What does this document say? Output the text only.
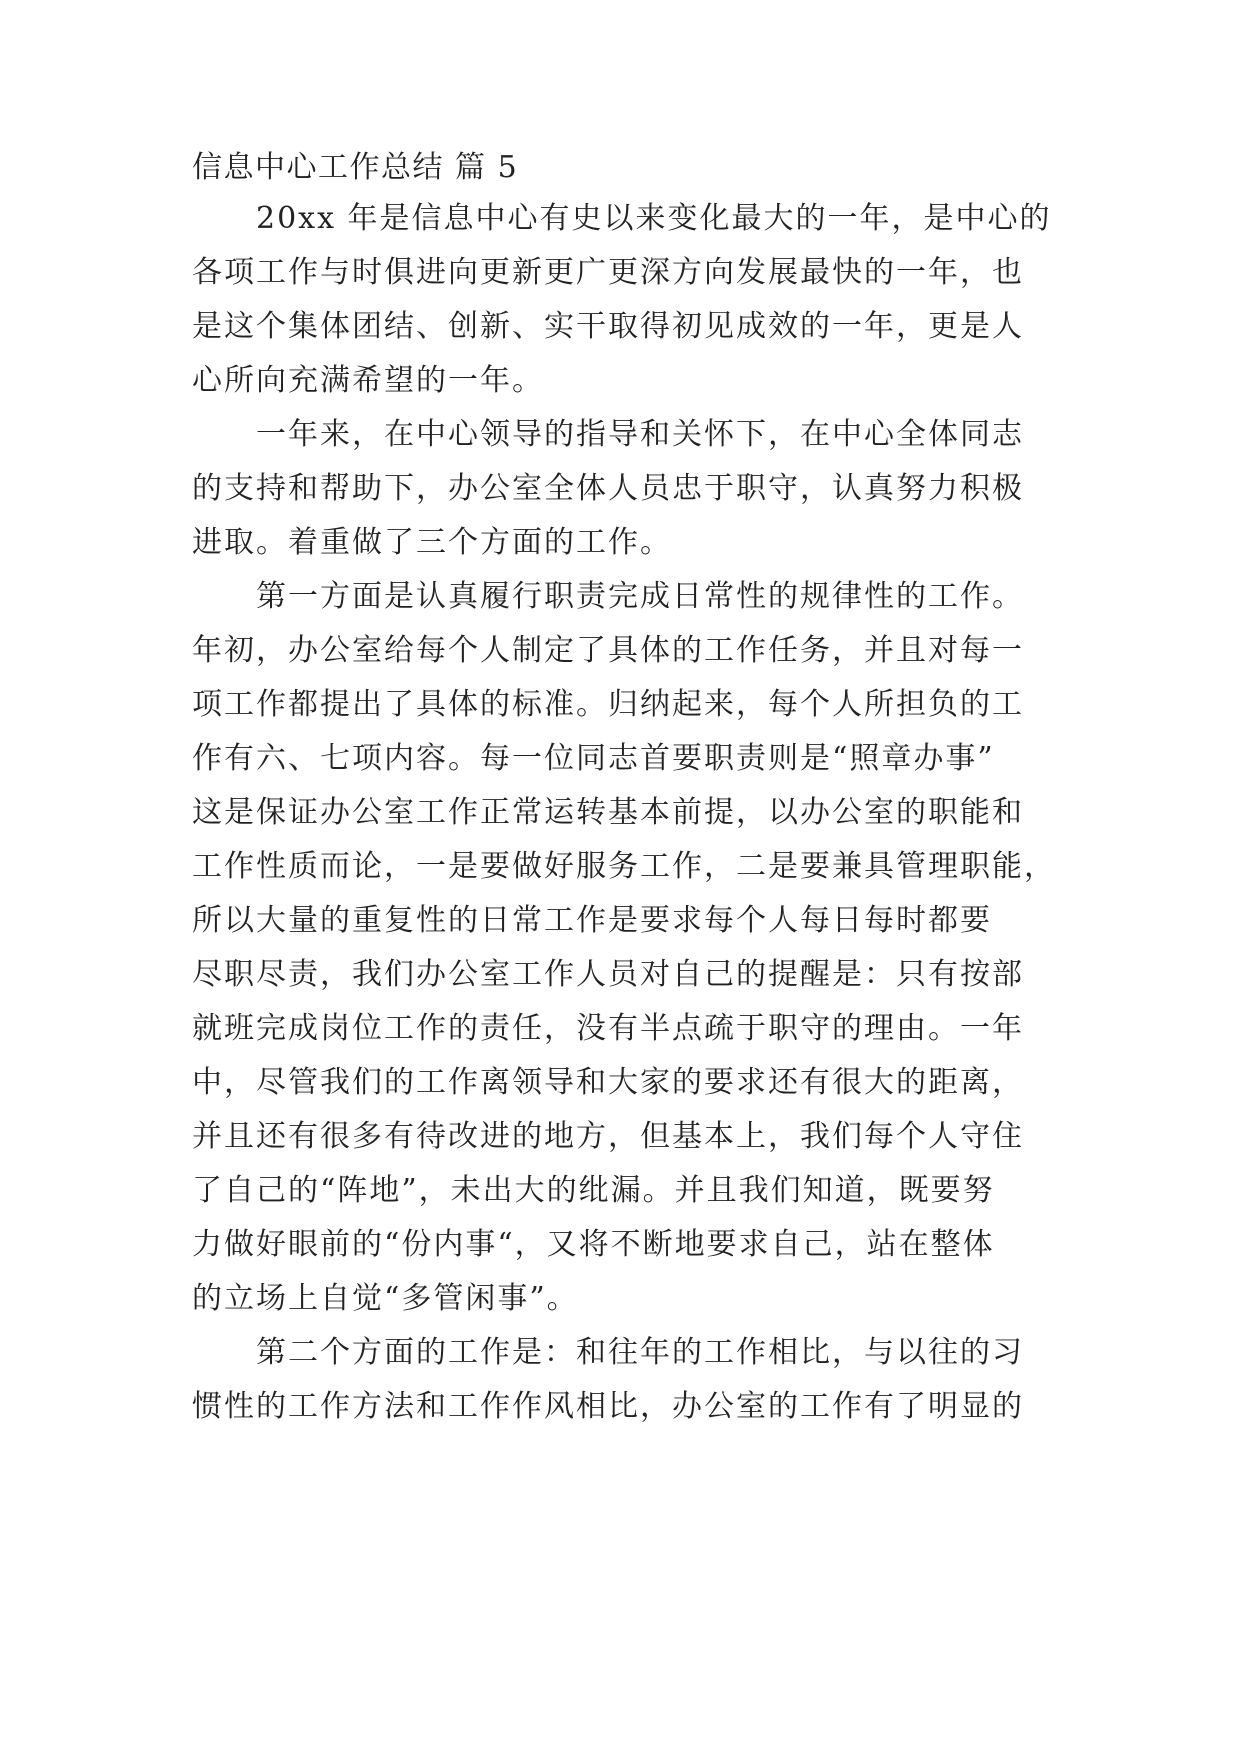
信息中心工作总结 篇 5
　　20xx 年是信息中心有史以来变化最大的一年，是中心的
各项工作与时俱进向更新更广更深方向发展最快的一年，也
是这个集体团结、创新、实干取得初见成效的一年，更是人
心所向充满希望的一年。
　　一年来，在中心领导的指导和关怀下，在中心全体同志
的支持和帮助下，办公室全体人员忠于职守，认真努力积极
进取。着重做了三个方面的工作。
　　第一方面是认真履行职责完成日常性的规律性的工作。
年初，办公室给每个人制定了具体的工作任务，并且对每一
项工作都提出了具体的标准。归纳起来，每个人所担负的工
作有六、七项内容。每一位同志首要职责则是“照章办事”
这是保证办公室工作正常运转基本前提，以办公室的职能和
工作性质而论，一是要做好服务工作，二是要兼具管理职能，
所以大量的重复性的日常工作是要求每个人每日每时都要
尽职尽责，我们办公室工作人员对自己的提醒是：只有按部
就班完成岗位工作的责任，没有半点疏于职守的理由。一年
中，尽管我们的工作离领导和大家的要求还有很大的距离，
并且还有很多有待改进的地方，但基本上，我们每个人守住
了自己的“阵地”，未出大的纰漏。并且我们知道，既要努
力做好眼前的“份内事“，又将不断地要求自己，站在整体
的立场上自觉“多管闲事”。
　　第二个方面的工作是：和往年的工作相比，与以往的习
惯性的工作方法和工作作风相比，办公室的工作有了明显的
